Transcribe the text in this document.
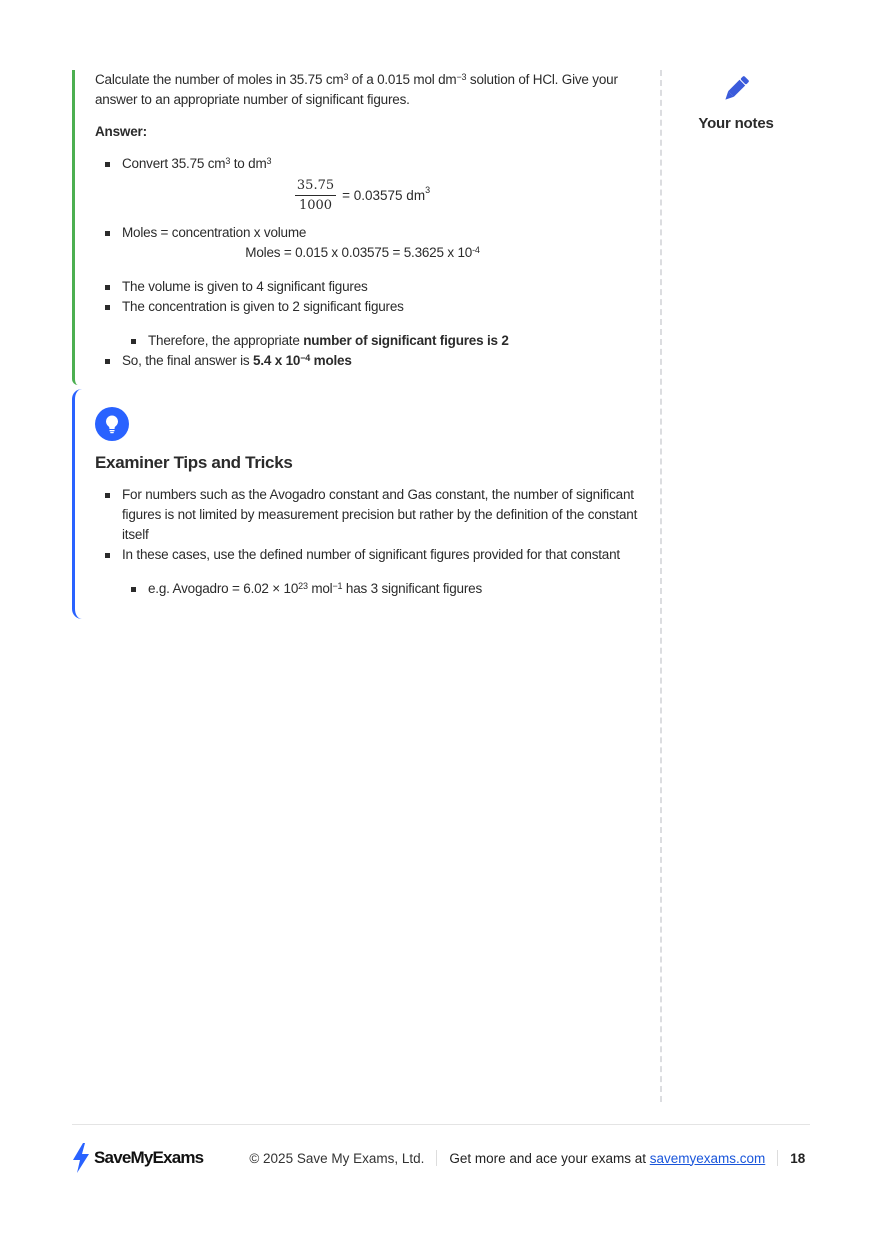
Calculate the number of moles in 35.75 $cm^3$ of a 0.015 mol $dm^{-3}$ solution of HCl. Give your answer to an appropriate number of significant figures.

Answer:

Convert 35.75 $cm^3$ to $dm^3$
$\frac{35.75}{1000} = 0.03575$ $dm^3$
Moles = concentration x volume

Moles = 0.015 x 0.03575 = 5.3625 x $10^{-4}$

The volume is given to 4 significant figures
The concentration is given to 2 significant figures
Therefore, the appropriate number of significant figures is 2
So, the final answer is 5.4 x $10^{-4}$ moles
Examiner Tips and Tricks
For numbers such as the Avogadro constant and Gas constant, the number of significant figures is not limited by measurement precision but rather by the definition of the constant itself
In these cases, use the defined number of significant figures provided for that constant
e.g. Avogadro = $6.02 \times 10^{23}$ mol$^{-1}$ has 3 significant figures
Your notes
SaveMyExams	© 2025 Save My Exams, Ltd. Get more and ace your exams at savemyexams.com 18
